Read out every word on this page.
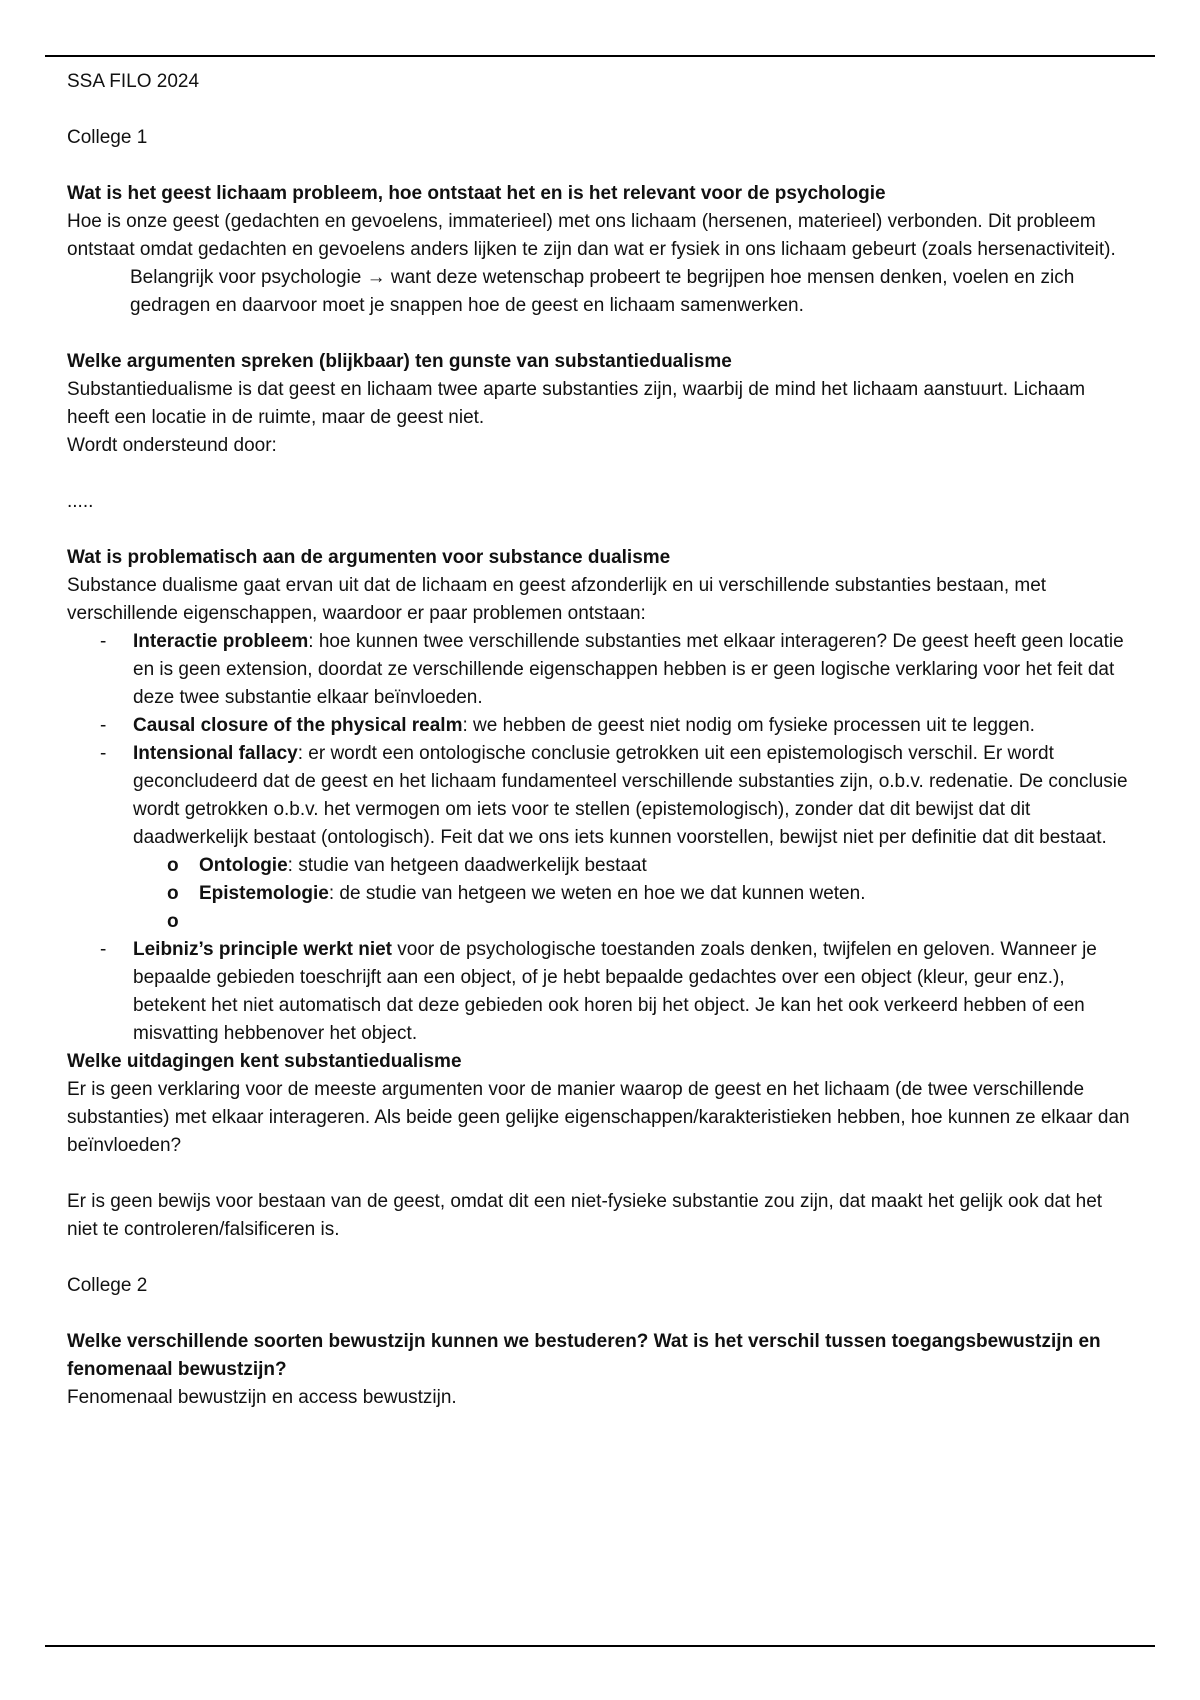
SSA FILO 2024

College 1

Wat is het geest lichaam probleem, hoe ontstaat het en is het relevant voor de psychologie

Hoe is onze geest (gedachten en gevoelens, immaterieel) met ons lichaam (hersenen, materieel) verbonden. Dit probleem ontstaat omdat gedachten en gevoelens anders lijken te zijn dan wat er fysiek in ons lichaam gebeurt (zoals hersenactiviteit).

Belangrijk voor psychologie → want deze wetenschap probeert te begrijpen hoe mensen denken, voelen en zich gedragen en daarvoor moet je snappen hoe de geest en lichaam samenwerken.

Welke argumenten spreken (blijkbaar) ten gunste van substantiedualisme

Substantiedualisme is dat geest en lichaam twee aparte substanties zijn, waarbij de mind het lichaam aanstuurt. Lichaam heeft een locatie in de ruimte, maar de geest niet.

Wordt ondersteund door:

.....

Wat is problematisch aan de argumenten voor substance dualisme

Substance dualisme gaat ervan uit dat de lichaam en geest afzonderlijk en ui verschillende substanties bestaan, met verschillende eigenschappen, waardoor er paar problemen ontstaan:

-	Interactie probleem: hoe kunnen twee verschillende substanties met elkaar interageren? De geest heeft geen locatie en is geen extension, doordat ze verschillende eigenschappen hebben is er geen logische verklaring voor het feit dat deze twee substantie elkaar beïnvloeden.
-	Causal closure of the physical realm: we hebben de geest niet nodig om fysieke processen uit te leggen.
-	Intensional fallacy: er wordt een ontologische conclusie getrokken uit een epistemologisch verschil. Er wordt geconcludeerd dat de geest en het lichaam fundamenteel verschillende substanties zijn, o.b.v. redenatie. De conclusie wordt getrokken o.b.v. het vermogen om iets voor te stellen (epistemologisch), zonder dat dit bewijst dat dit daadwerkelijk bestaat (ontologisch). Feit dat we ons iets kunnen voorstellen, bewijst niet per definitie dat dit bestaat.
o	Ontologie: studie van hetgeen daadwerkelijk bestaat
o	Epistemologie: de studie van hetgeen we weten en hoe we dat kunnen weten.
o
-	Leibniz’s principle werkt niet voor de psychologische toestanden zoals denken, twijfelen en geloven. Wanneer je bepaalde gebieden toeschrijft aan een object, of je hebt bepaalde gedachtes over een object (kleur, geur enz.), betekent het niet automatisch dat deze gebieden ook horen bij het object. Je kan het ook verkeerd hebben of een misvatting hebbenover het object.
Welke uitdagingen kent substantiedualisme

Er is geen verklaring voor de meeste argumenten voor de manier waarop de geest en het lichaam (de twee verschillende substanties) met elkaar interageren. Als beide geen gelijke eigenschappen/karakteristieken hebben, hoe kunnen ze elkaar dan beïnvloeden?

Er is geen bewijs voor bestaan van de geest, omdat dit een niet-fysieke substantie zou zijn, dat maakt het gelijk ook dat het niet te controleren/falsificeren is.

College 2

Welke verschillende soorten bewustzijn kunnen we bestuderen? Wat is het verschil tussen toegangsbewustzijn en fenomenaal bewustzijn?

Fenomenaal bewustzijn en access bewustzijn.
